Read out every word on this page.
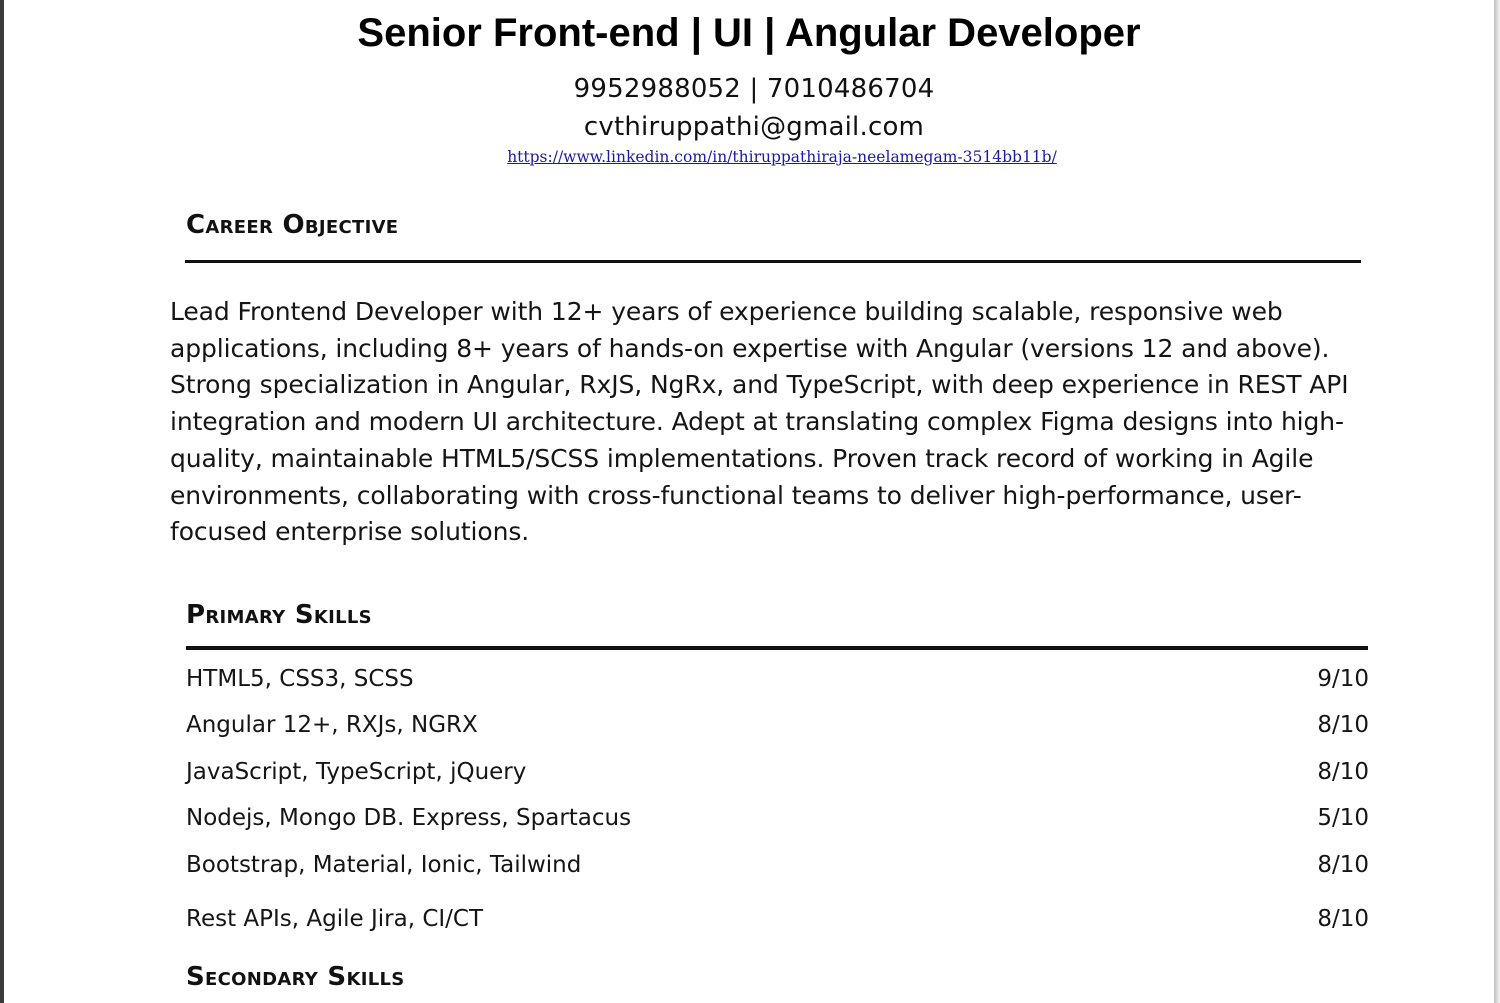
Senior Front-end | UI | Angular Developer
9952988052 | 7010486704
cvthiruppathi@gmail.com
https://www.linkedin.com/in/thiruppathiraja-neelamegam-3514bb11b/
Career Objective
Lead Frontend Developer with 12+ years of experience building scalable, responsive web applications, including 8+ years of hands-on expertise with Angular (versions 12 and above). Strong specialization in Angular, RxJS, NgRx, and TypeScript, with deep experience in REST API integration and modern UI architecture. Adept at translating complex Figma designs into high-quality, maintainable HTML5/SCSS implementations. Proven track record of working in Agile environments, collaborating with cross-functional teams to deliver high-performance, user-focused enterprise solutions.
Primary Skills
HTML5, CSS3, SCSS	9/10
Angular 12+, RXJs, NGRX	8/10
JavaScript, TypeScript, jQuery	8/10
Nodejs, Mongo DB. Express, Spartacus	5/10
Bootstrap, Material, Ionic, Tailwind	8/10
Rest APIs, Agile Jira, CI/CT	8/10
Secondary Skills
